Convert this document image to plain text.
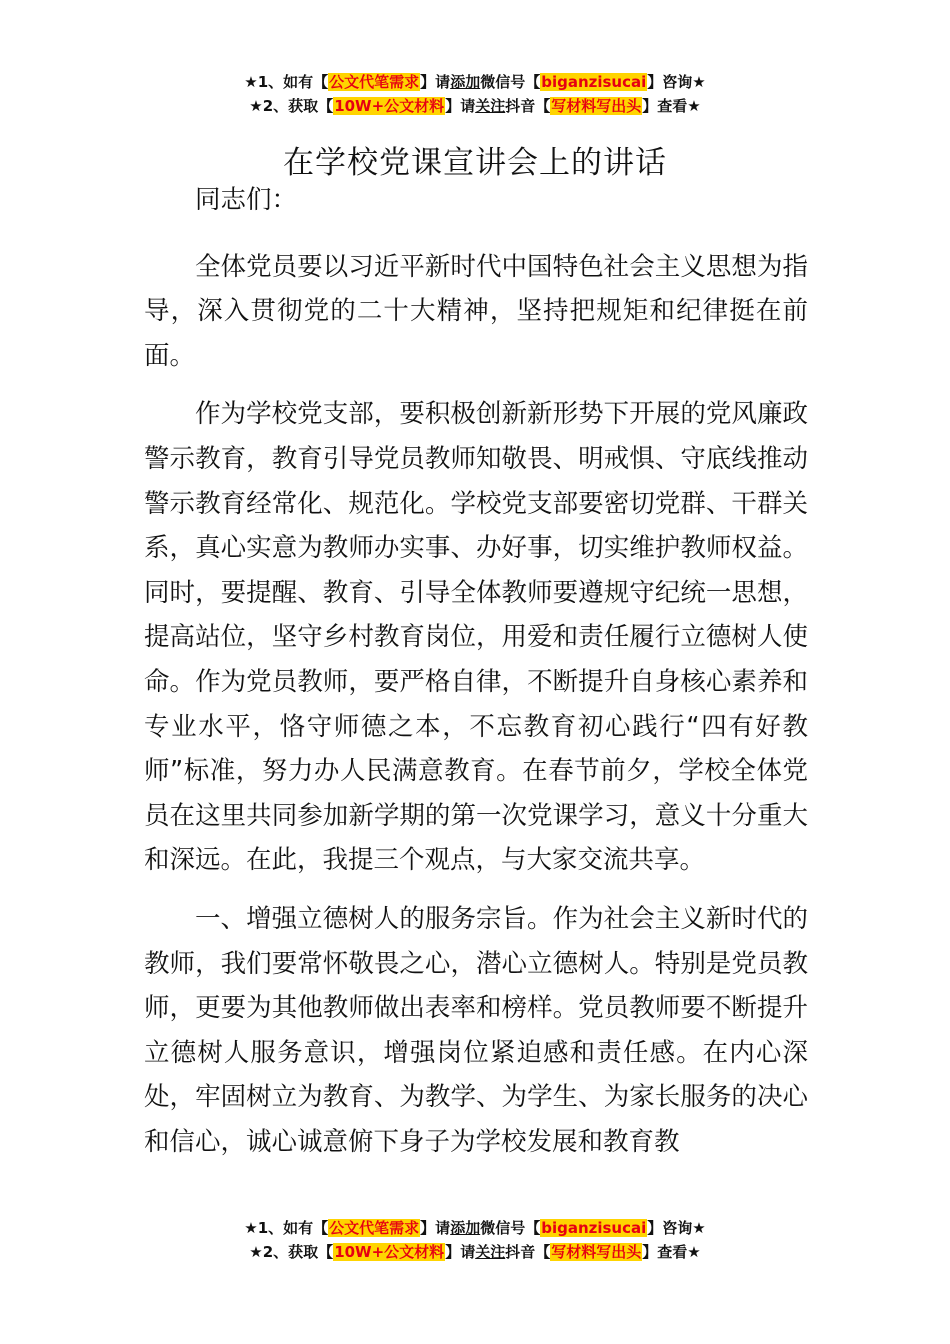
★1、如有【公文代笔需求】请添加微信号【biganzisucai】咨询★
★2、获取【10W+公文材料】请关注抖音【写材料写出头】查看★
在学校党课宣讲会上的讲话

同志们：

全体党员要以习近平新时代中国特色社会主义思想为指导，深入贯彻党的二十大精神，坚持把规矩和纪律挺在前面。

作为学校党支部，要积极创新新形势下开展的党风廉政警示教育，教育引导党员教师知敬畏、明戒惧、守底线推动警示教育经常化、规范化。学校党支部要密切党群、干群关系，真心实意为教师办实事、办好事，切实维护教师权益。同时，要提醒、教育、引导全体教师要遵规守纪统一思想，提高站位，坚守乡村教育岗位，用爱和责任履行立德树人使命。作为党员教师，要严格自律，不断提升自身核心素养和专业水平，恪守师德之本，不忘教育初心践行“四有好教师”标准，努力办人民满意教育。在春节前夕，学校全体党员在这里共同参加新学期的第一次党课学习，意义十分重大和深远。在此，我提三个观点，与大家交流共享。

一、增强立德树人的服务宗旨。作为社会主义新时代的教师，我们要常怀敬畏之心，潜心立德树人。特别是党员教师，更要为其他教师做出表率和榜样。党员教师要不断提升立德树人服务意识，增强岗位紧迫感和责任感。在内心深处，牢固树立为教育、为教学、为学生、为家长服务的决心和信心，诚心诚意俯下身子为学校发展和教育教

★1、如有【公文代笔需求】请添加微信号【biganzisucai】咨询★
★2、获取【10W+公文材料】请关注抖音【写材料写出头】查看★
